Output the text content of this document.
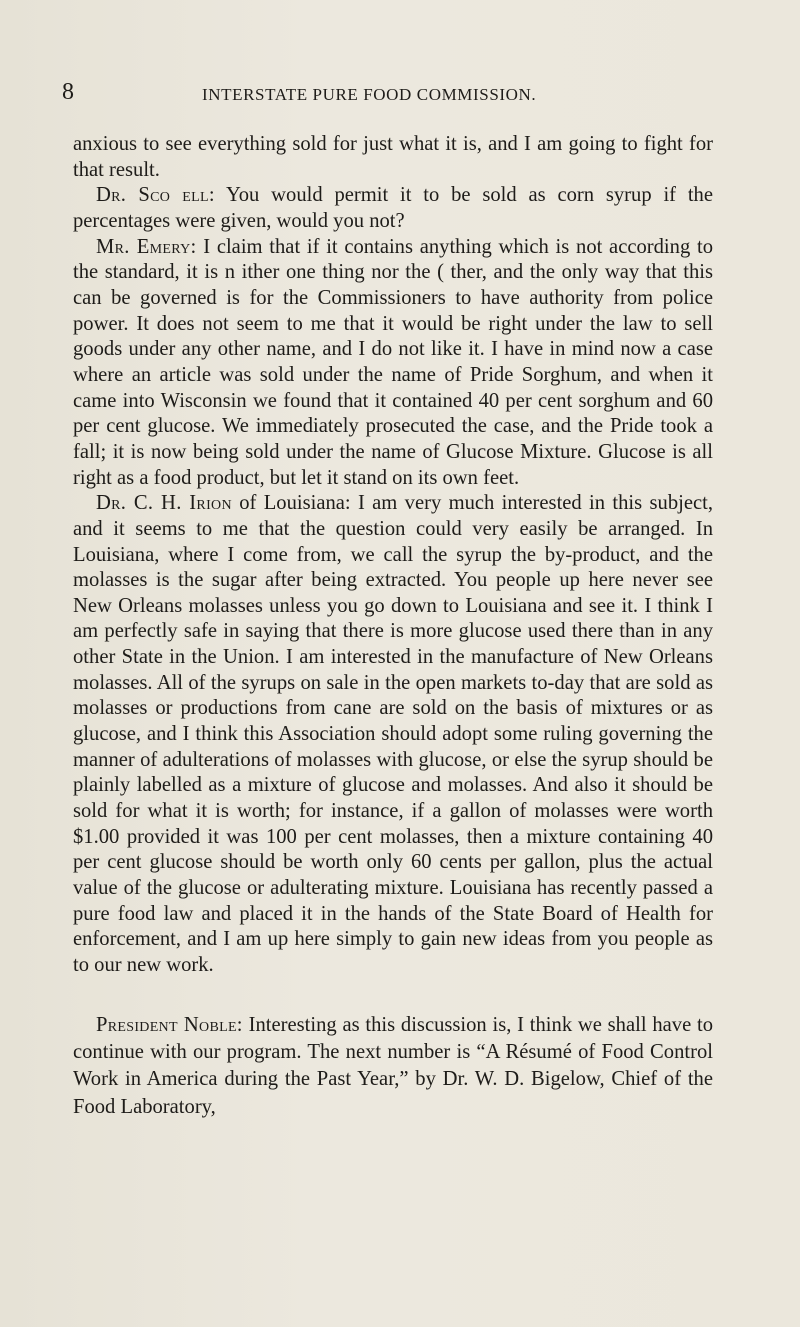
8	INTERSTATE PURE FOOD COMMISSION.

anxious to see everything sold for just what it is, and I am going to fight for that result.

Dr. Sco ell: You would permit it to be sold as corn syrup if the percentages were given, would you not?

Mr. Emery: I claim that if it contains anything which is not according to the standard, it is n ither one thing nor the ( ther, and the only way that this can be governed is for the Commissioners to have authority from police power. It does not seem to me that it would be right under the law to sell goods under any other name, and I do not like it. I have in mind now a case where an article was sold under the name of Pride Sorghum, and when it came into Wisconsin we found that it contained 40 per cent sorghum and 60 per cent glucose. We immediately prosecuted the case, and the Pride took a fall; it is now being sold under the name of Glucose Mixture. Glucose is all right as a food product, but let it stand on its own feet.

Dr. C. H. Irion of Louisiana: I am very much interested in this subject, and it seems to me that the question could very easily be arranged. In Louisiana, where I come from, we call the syrup the by-product, and the molasses is the sugar after being extracted. You people up here never see New Orleans molasses unless you go down to Louisiana and see it. I think I am perfectly safe in saying that there is more glucose used there than in any other State in the Union. I am interested in the manufacture of New Orleans molasses. All of the syrups on sale in the open markets to-day that are sold as molasses or productions from cane are sold on the basis of mixtures or as glucose, and I think this Association should adopt some ruling governing the manner of adulterations of molasses with glucose, or else the syrup should be plainly labelled as a mixture of glucose and molasses. And also it should be sold for what it is worth; for instance, if a gallon of molasses were worth $1.00 provided it was 100 per cent molasses, then a mixture containing 40 per cent glucose should be worth only 60 cents per gallon, plus the actual value of the glucose or adulterating mixture. Louisiana has recently passed a pure food law and placed it in the hands of the State Board of Health for enforcement, and I am up here simply to gain new ideas from you people as to our new work.

President Noble: Interesting as this discussion is, I think we shall have to continue with our program. The next number is “A Résumé of Food Control Work in America during the Past Year,” by Dr. W. D. Bigelow, Chief of the Food Laboratory,
